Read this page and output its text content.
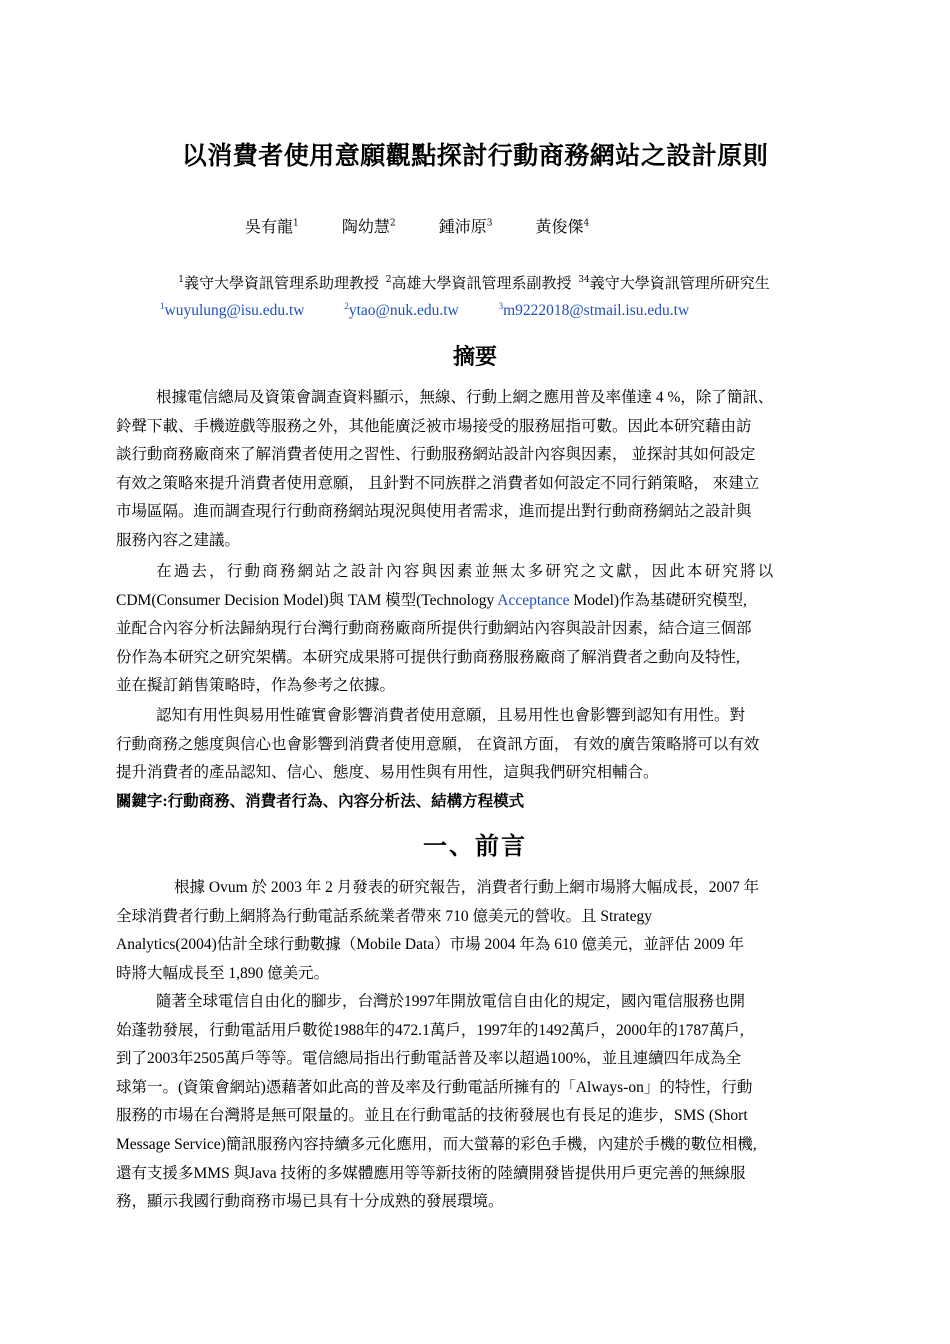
以消費者使用意願觀點探討行動商務網站之設計原則
吳有龍$^1$	陶幼慧$^2$	鍾沛原$^3$	黃俊傑$^4$
$^1$義守大學資訊管理系助理教授 $^2$高雄大學資訊管理系副教授 $^{34}$義守大學資訊管理所研究生
$^1$wuyulung@isu.edu.tw	$^2$ytao@nuk.edu.tw	$^3$m9222018@stmail.isu.edu.tw
摘要
根據電信總局及資策會調查資料顯示，無線、行動上網之應用普及率僅達 4 %，除了簡訊、
鈴聲下載、手機遊戲等服務之外，其他能廣泛被市場接受的服務屈指可數。因此本研究藉由訪
談行動商務廠商來了解消費者使用之習性、行動服務網站設計內容與因素， 並探討其如何設定
有效之策略來提升消費者使用意願， 且針對不同族群之消費者如何設定不同行銷策略， 來建立
市場區隔。進而調查現行行動商務網站現況與使用者需求，進而提出對行動商務網站之設計與
服務內容之建議。
在過去，行動商務網站之設計內容與因素並無太多研究之文獻，因此本研究將以
CDM(Consumer Decision Model)與 TAM 模型(Technology Acceptance Model)作為基礎研究模型,
並配合內容分析法歸納現行台灣行動商務廠商所提供行動網站內容與設計因素，結合這三個部
份作為本研究之研究架構。本研究成果將可提供行動商務服務廠商了解消費者之動向及特性,
並在擬訂銷售策略時，作為參考之依據。
認知有用性與易用性確實會影響消費者使用意願，且易用性也會影響到認知有用性。對
行動商務之態度與信心也會影響到消費者使用意願， 在資訊方面， 有效的廣告策略將可以有效
提升消費者的產品認知、信心、態度、易用性與有用性，這與我們研究相輔合。
關鍵字:行動商務、消費者行為、內容分析法、結構方程模式
一、前言
根據 Ovum 於 2003 年 2 月發表的研究報告，消費者行動上網市場將大幅成長，2007 年
全球消費者行動上網將為行動電話系統業者帶來 710 億美元的營收。且 Strategy
Analytics(2004)估計全球行動數據（Mobile Data）市場 2004 年為 610 億美元，並評估 2009 年
時將大幅成長至 1,890 億美元。
隨著全球電信自由化的腳步，台灣於1997年開放電信自由化的規定，國內電信服務也開
始蓬勃發展，行動電話用戶數從1988年的472.1萬戶，1997年的1492萬戶，2000年的1787萬戶,
到了2003年2505萬戶等等。電信總局指出行動電話普及率以超過100%，並且連續四年成為全
球第一。(資策會網站)憑藉著如此高的普及率及行動電話所擁有的「Always-on」的特性，行動
服務的市場在台灣將是無可限量的。並且在行動電話的技術發展也有長足的進步，SMS (Short
Message Service)簡訊服務內容持續多元化應用，而大螢幕的彩色手機，內建於手機的數位相機,
還有支援多MMS 與Java 技術的多媒體應用等等新技術的陸續開發皆提供用戶更完善的無線服
務，顯示我國行動商務市場已具有十分成熟的發展環境。
